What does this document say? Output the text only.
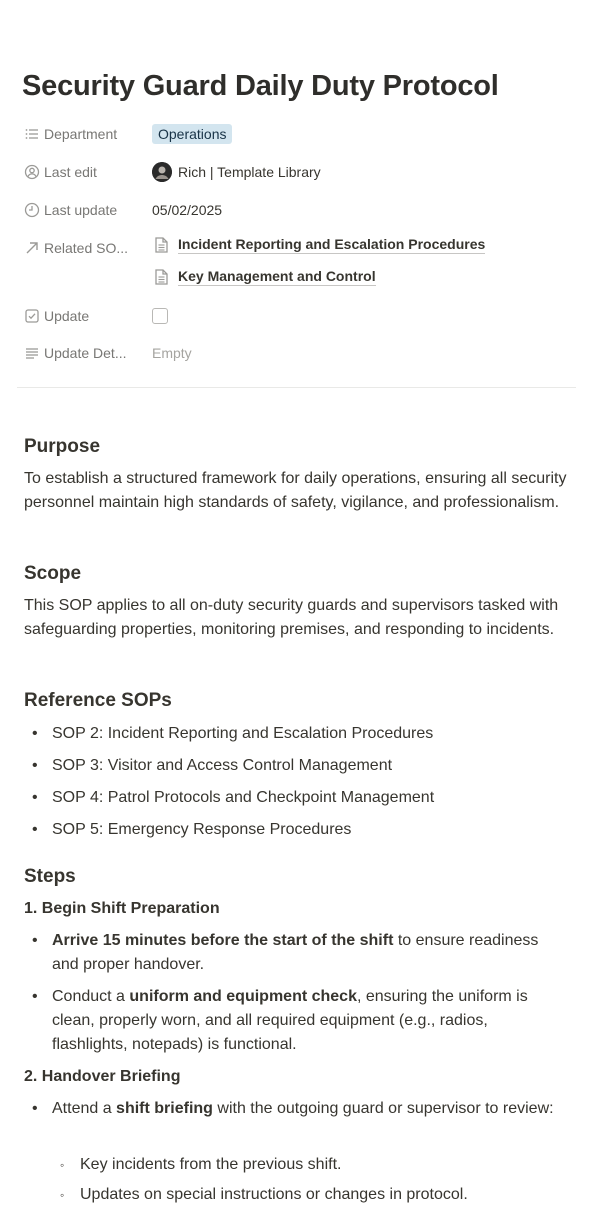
Security Guard Daily Duty Protocol
Department	Operations
Last edit	Rich | Template Library
Last update 05/02/2025
Related SO...	Incident Reporting and Escalation Procedures
Key Management and Control
Update
Update Det... Empty
Purpose

To establish a structured framework for daily operations, ensuring all security personnel maintain high standards of safety, vigilance, and professionalism.

Scope

This SOP applies to all on-duty security guards and supervisors tasked with safeguarding properties, monitoring premises, and responding to incidents.

Reference SOPs
• SOP 2: Incident Reporting and Escalation Procedures
• SOP 3: Visitor and Access Control Management
• SOP 4: Patrol Protocols and Checkpoint Management
• SOP 5: Emergency Response Procedures
Steps
1. Begin Shift Preparation
• Arrive 15 minutes before the start of the shift to ensure readiness and proper handover.
• Conduct a uniform and equipment check, ensuring the uniform is clean, properly worn, and all required equipment (e.g., radios, flashlights, notepads) is functional.
2. Handover Briefing
• Attend a shift briefing with the outgoing guard or supervisor to review:
◦ Key incidents from the previous shift.
◦ Updates on special instructions or changes in protocol.
